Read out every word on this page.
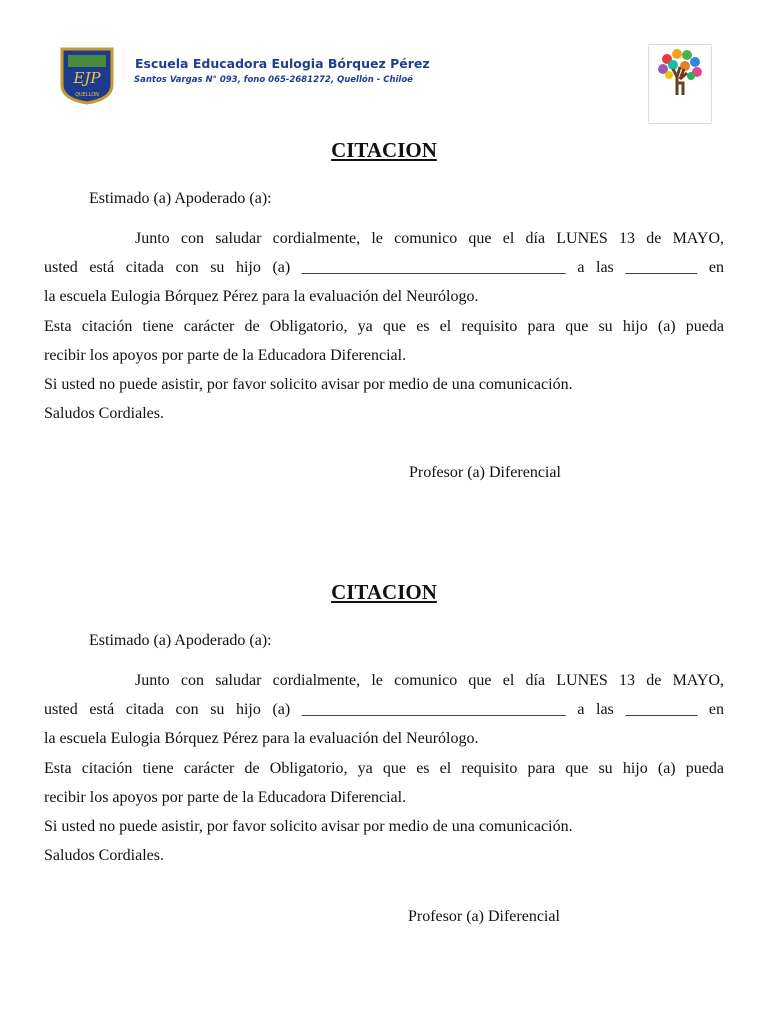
EJP
QUELLON
Escuela Educadora Eulogia Bórquez Pérez
Santos Vargas N° 093, fono 065-2681272, Quellón - Chiloé
CITACION
Estimado (a) Apoderado (a):
Junto con saludar cordialmente, le comunico que el día LUNES 13 de MAYO,
usted está citada con su hijo (a) _________________________________ a las _________ en
la escuela Eulogia Bórquez Pérez para la evaluación del Neurólogo.
Esta citación tiene carácter de Obligatorio, ya que es el requisito para que su hijo (a) pueda
recibir los apoyos por parte de la Educadora Diferencial.
Si usted no puede asistir, por favor solicito avisar por medio de una comunicación.
Saludos Cordiales.
Profesor (a) Diferencial
CITACION
Estimado (a) Apoderado (a):
Junto con saludar cordialmente, le comunico que el día LUNES 13 de MAYO,
usted está citada con su hijo (a) _________________________________ a las _________ en
la escuela Eulogia Bórquez Pérez para la evaluación del Neurólogo.
Esta citación tiene carácter de Obligatorio, ya que es el requisito para que su hijo (a) pueda
recibir los apoyos por parte de la Educadora Diferencial.
Si usted no puede asistir, por favor solicito avisar por medio de una comunicación.
Saludos Cordiales.
Profesor (a) Diferencial
